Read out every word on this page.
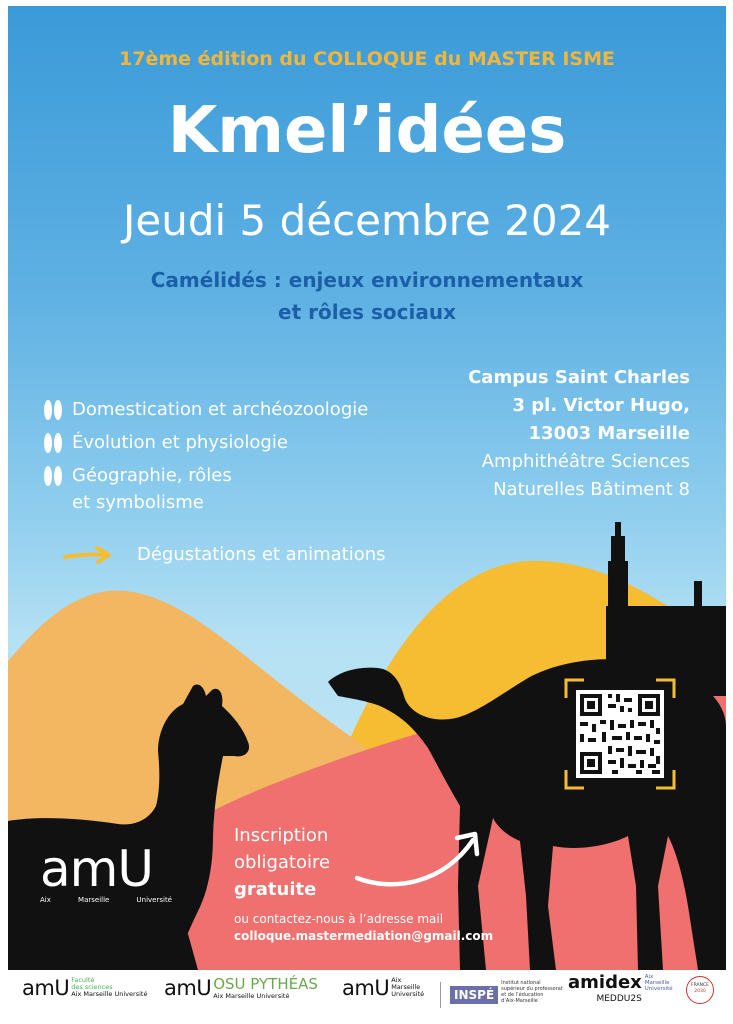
17ème édition du COLLOQUE du MASTER ISME
Kmel’idées
Jeudi 5 décembre 2024
Camélidés : enjeux environnementaux
et rôles sociaux
Domestication et archéozoologie
Évolution et physiologie
Géographie, rôles
et symbolisme
Dégustations et animations
Campus Saint Charles
3 pl. Victor Hugo,
13003 Marseille
Amphithéâtre Sciences
Naturelles Bâtiment 8
Inscription
obligatoire
gratuite
ou contactez-nous à l’adresse mail
colloque.mastermediation@gmail.com
amU
Aix	Marseille	Université
amU Faculté
des sciences
Aix Marseille Université amU OSU PYTHÉAS
Aix Marseille Université	amU Aix
Marseille
Université	INSPÉ
Institut national
supérieur du professorat
et de l’éducation
d’Aix-Marseille
amidex
MEDDU2S
Aix
Marseille
Université
FRANCE
2030
